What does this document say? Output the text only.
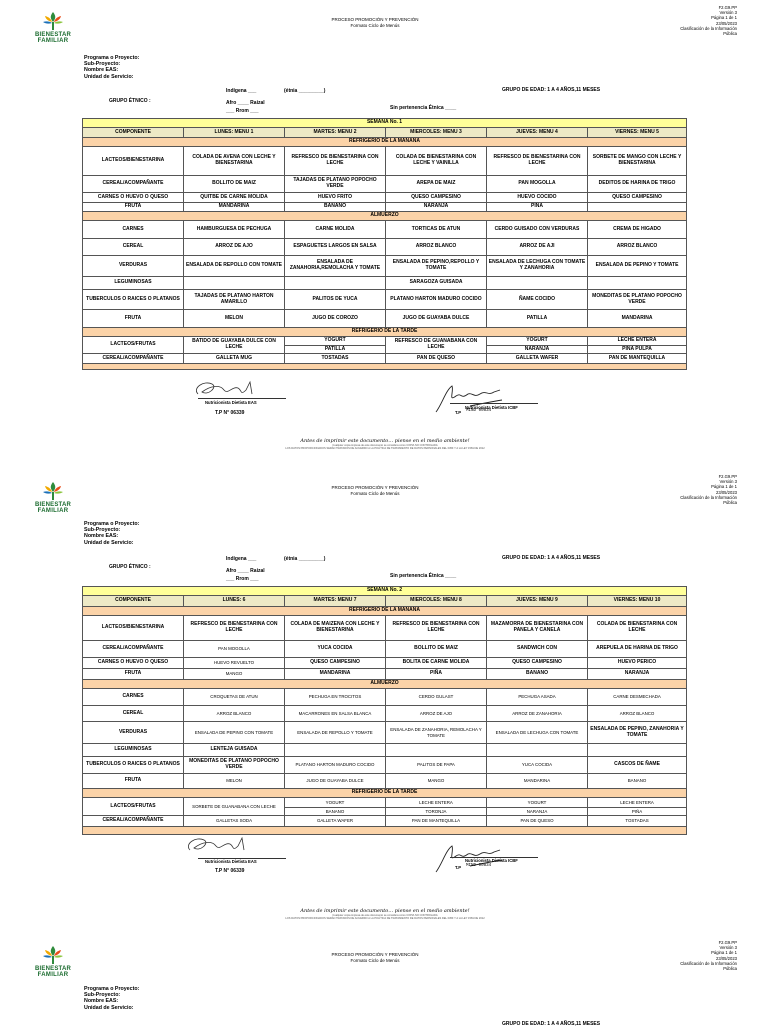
BIENESTAR
FAMILIAR
PROCESO PROMOCIÓN Y PREVENCIÓN
Formato Ciclo de Menús
F2.G9.PP
Versión 3
Página 1 de 1
23/05/2023
Clasificación de la Información
Pública
Programa o Proyecto:
Sub-Proyecto:
Nombre EAS:
Unidad de Servicio:
Indígena ___	(étnia _________)	GRUPO DE EDAD: 1 A 4 AÑOS,11 MESES
GRUPO ÉTNICO :	Afro ____ Raizal
___ Rrom ___	Sin pertenencia Étnica ____
SEMANA No. 1					
COMPONENTE	LUNES: MENU 1	MARTES: MENU 2	MIERCOLES: MENU 3	JUEVES: MENU 4	VIERNES: MENU 5
REFRIGERIO DE LA MAÑANA					
LACTEOS/BIENESTARINA	COLADA DE AVENA CON LECHE Y BIENESTARINA	REFRESCO DE BIENESTARINA CON LECHE	COLADA DE BIENESTARINA CON LECHE Y VAINILLA	REFRESCO DE BIENESTARINA CON LECHE	SORBETE DE MANGO CON LECHE Y BIENESTARINA
CEREAL/ACOMPAÑANTE	BOLLITO DE MAIZ	TAJADAS DE PLATANO POPOCHO VERDE	AREPA DE MAIZ	PAN MOGOLLA	DEDITOS DE HARINA DE TRIGO
CARNES O HUEVO O QUESO	QUITBE DE CARNE MOLIDA	HUEVO FRITO	QUESO CAMPESINO	HUEVO COCIDO	QUESO CAMPESINO
FRUTA	MANDARINA	BANANO	NARANJA	PIÑA	
ALMUERZO					
CARNES	HAMBURGUESA DE PECHUGA	CARNE MOLIDA	TORTICAS DE ATUN	CERDO GUISADO CON VERDURAS	CREMA DE HIGADO
CEREAL	ARROZ DE AJO	ESPAGUETES LARGOS EN SALSA	ARROZ BLANCO	ARROZ DE AJI	ARROZ BLANCO
VERDURAS	ENSALADA DE REPOLLO CON TOMATE	ENSALADA DE ZANAHORIA,REMOLACHA Y TOMATE	ENSALADA DE PEPINO,REPOLLO Y TOMATE	ENSALADA DE LECHUGA CON TOMATE Y ZANAHORIA	ENSALADA DE PEPINO Y TOMATE
LEGUMINOSAS			SARAGOZA GUISADA		
TUBERCULOS O RAICES O PLATANOS	TAJADAS DE PLATANO HARTON AMARILLO	PALITOS DE YUCA	PLATANO HARTON MADURO COCIDO	ÑAME COCIDO	MONEDITAS DE PLATANO POPOCHO VERDE
FRUTA	MELON	JUGO DE COROZO	JUGO DE GUAYABA DULCE	PATILLA	MANDARINA
REFRIGERIO DE LA TARDE					
LACTEOS/FRUTAS	BATIDO DE GUAYABA DULCE CON LECHE	YOGURT	REFRESCO DE GUANABANA CON LECHE	YOGURT	LECHE ENTERA
		PATILLA		NARANJA	PIÑA PULPA
CEREAL/ACOMPAÑANTE	GALLETA MUG	TOSTADAS	PAN DE QUESO	GALLETA WAFER	PAN DE MANTEQUILLA

Nutricionista Dietista EAS
T.P N° 06339
Nutricionista Dietista ICBF
T.P MIND 00834
Antes de imprimir este documento… piense en el medio ambiente!
Cualquier copia impresa de este documento se considera como COPIA NO CONTROLADA
LOS DATOS PROPORCIONADOS SERÁN TRATADOS DE ACUERDO A LA POLÍTICA DE TRATAMIENTO DE DATOS PERSONALES DEL ICBF Y A LA LEY 1581 DE 2012
BIENESTAR
FAMILIAR
PROCESO PROMOCIÓN Y PREVENCIÓN
Formato Ciclo de Menús
F2.G9.PP
Versión 3
Página 1 de 1
23/05/2023
Clasificación de la Información
Pública
Programa o Proyecto:
Sub-Proyecto:
Nombre EAS:
Unidad de Servicio:
Indígena ___	(étnia _________)	GRUPO DE EDAD: 1 A 4 AÑOS,11 MESES
GRUPO ÉTNICO :
Afro ____ Raizal
___ Rrom ___	Sin pertenencia Étnica ____
SEMANA No. 2					
COMPONENTE	LUNES: 6	MARTES: MENU 7	MIERCOLES: MENU 8	JUEVES: MENU 9	VIERNES: MENU 10
REFRIGERIO DE LA MAÑANA					
LACTEOS/BIENESTARINA	REFRESCO DE BIENESTARINA CON LECHE	COLADA DE MAIZENA CON LECHE Y BIENESTARINA	REFRESCO DE BIENESTARINA CON LECHE	MAZAMORRA DE BIENESTARINA CON PANELA Y CANELA	COLADA DE BIENESTARINA CON LECHE
CEREAL/ACOMPAÑANTE	PAN MOGOLLA	YUCA COCIDA	BOLLITO DE MAIZ	SANDWICH CON	AREPUELA DE HARINA DE TRIGO
CARNES O HUEVO O QUESO	HUEVO REVUELTO	QUESO CAMPESINO	BOLITA DE CARNE MOLIDA	QUESO CAMPESINO	HUEVO PERICO
FRUTA	MANGO	MANDARINA	PIÑA	BANANO	NARANJA
ALMUERZO					
CARNES	CROQUETAS DE ATUN	PECHUGA EN TROCITOS	CERDO GULAST	PECHUGA ASADA	CARNE DESMECHADA
CEREAL	ARROZ BLANCO	MACARRONES EN SALSA BLANCA	ARROZ DE AJO	ARROZ DE ZANAHORIA	ARROZ BLANCO
VERDURAS	ENSALADA DE PEPINO CON TOMATE	ENSALADA DE REPOLLO Y TOMATE	ENSALADA DE ZANAHORIA, REMOLACHA Y TOMATE	ENSALADA DE LECHUGA CON TOMATE	ENSALADA DE PEPINO, ZANAHORIA Y TOMATE
LEGUMINOSAS	LENTEJA GUISADA				
TUBERCULOS O RAICES O PLATANOS	MONEDITAS DE PLATANO POPOCHO VERDE	PLATANO HARTON MADURO COCIDO	PALITOS DE PAPA	YUCA COCIDA	CASCOS DE ÑAME
FRUTA	MELON	JUGO DE GUAYABA DULCE	MANGO	MANDARINA	BANANO
REFRIGERIO DE LA TARDE					
LACTEOS/FRUTAS	SORBETE DE GUANABANA CON LECHE	YOGURT	LECHE ENTERA	YOGURT	LECHE ENTERA
		BANANO	TORONJA	NARANJA	PIÑA
CEREAL/ACOMPAÑANTE	GALLETAS SODA	GALLETA WAFER	PAN DE MANTEQUILLA	PAN DE QUESO	TOSTADAS

Nutricionista Dietista EAS
T.P N° 06339
Nutricionista Dietista ICBF
T.P MIND 00834
Antes de imprimir este documento… piense en el medio ambiente!
Cualquier copia impresa de este documento se considera como COPIA NO CONTROLADA
LOS DATOS PROPORCIONADOS SERÁN TRATADOS DE ACUERDO A LA POLÍTICA DE TRATAMIENTO DE DATOS PERSONALES DEL ICBF Y A LA LEY 1581 DE 2012
BIENESTAR
FAMILIAR
PROCESO PROMOCIÓN Y PREVENCIÓN
Formato Ciclo de Menús
F2.G9.PP
Versión 3
Página 1 de 1
23/05/2023
Clasificación de la Información
Pública
Programa o Proyecto:
Sub-Proyecto:
Nombre EAS:
Unidad de Servicio:
GRUPO DE EDAD: 1 A 4 AÑOS,11 MESES
